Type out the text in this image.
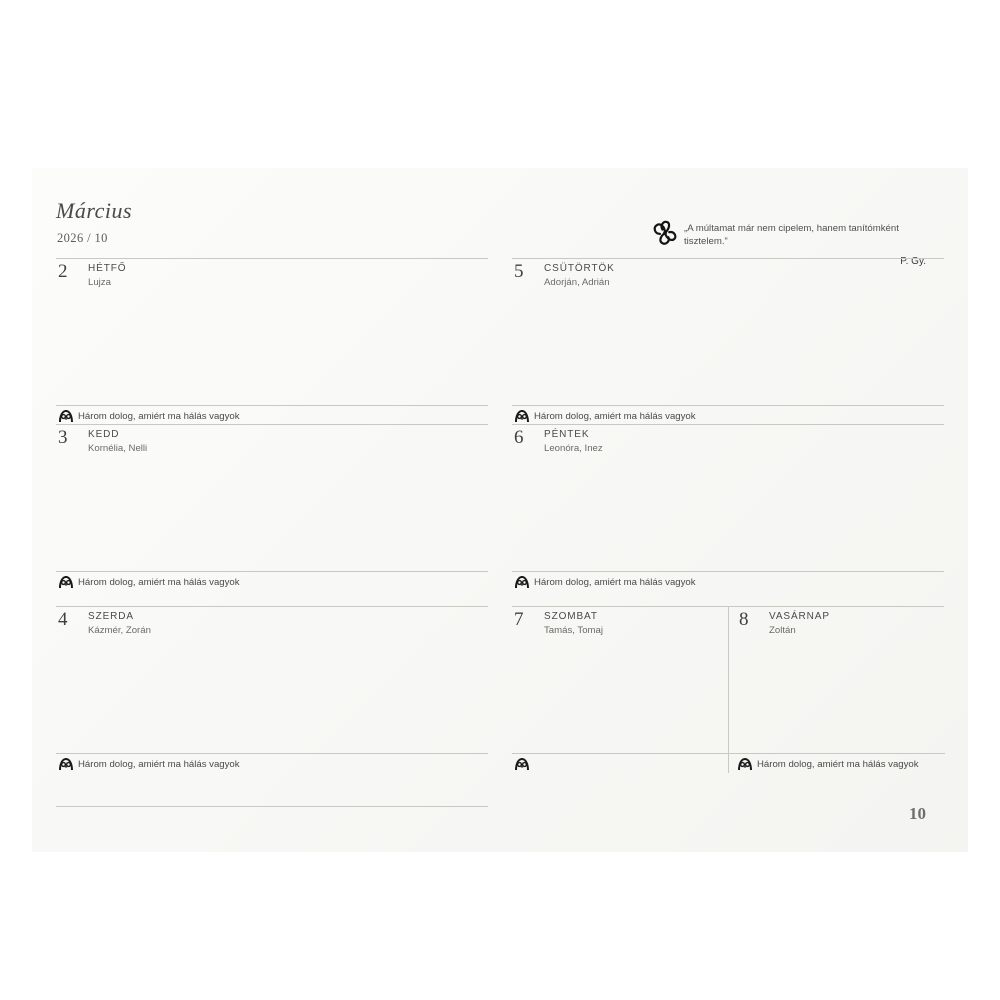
Március
2026 / 10
2 HÉTFŐ
Lujza
Három dolog, amiért ma hálás vagyok
3 KEDD
Kornélia, Nelli
Három dolog, amiért ma hálás vagyok
4 SZERDA
Kázmér, Zorán
Három dolog, amiért ma hálás vagyok
„A múltamat már nem cipelem, hanem tanítómként tisztelem.”
P. Gy.
5 CSÜTÖRTÖK
Adorján, Adrián
Három dolog, amiért ma hálás vagyok
6 PÉNTEK
Leonóra, Inez
Három dolog, amiért ma hálás vagyok
7 SZOMBAT
Tamás, Tomaj
8 VASÁRNAP
Zoltán
Három dolog, amiért ma hálás vagyok
10
